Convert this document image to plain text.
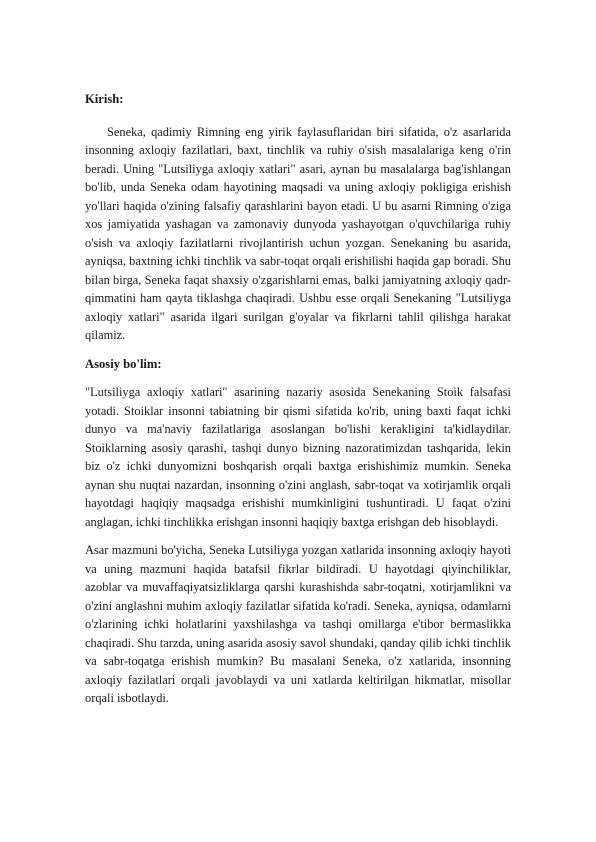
Kirish:

Seneka, qadimiy Rimning eng yirik faylasuflaridan biri sifatida, o'z asarlarida insonning axloqiy fazilatlari, baxt, tinchlik va ruhiy o'sish masalalariga keng o'rin beradi. Uning "Lutsiliyga axloqiy xatlari" asari, aynan bu masalalarga bag'ishlangan bo'lib, unda Seneka odam hayotining maqsadi va uning axloqiy pokligiga erishish yo'llari haqida o'zining falsafiy qarashlarini bayon etadi. U bu asarni Rimning o'ziga xos jamiyatida yashagan va zamonaviy dunyoda yashayotgan o'quvchilariga ruhiy o'sish va axloqiy fazilatlarni rivojlantirish uchun yozgan. Senekaning bu asarida, ayniqsa, baxtning ichki tinchlik va sabr-toqat orqali erishilishi haqida gap boradi. Shu bilan birga, Seneka faqat shaxsiy o'zgarishlarni emas, balki jamiyatning axloqiy qadr-qimmatini ham qayta tiklashga chaqiradi. Ushbu esse orqali Senekaning "Lutsiliyga axloqiy xatlari" asarida ilgari surilgan g'oyalar va fikrlarni tahlil qilishga harakat qilamiz.

Asosiy bo'lim:

"Lutsiliyga axloqiy xatlari" asarining nazariy asosida Senekaning Stoik falsafasi yotadi. Stoiklar insonni tabiatning bir qismi sifatida ko'rib, uning baxti faqat ichki dunyo va ma'naviy fazilatlariga asoslangan bo'lishi kerakligini ta'kidlaydilar. Stoiklarning asosiy qarashi, tashqi dunyo bizning nazoratimizdan tashqarida, lekin biz o'z ichki dunyomizni boshqarish orqali baxtga erishishimiz mumkin. Seneka aynan shu nuqtai nazardan, insonning o'zini anglash, sabr-toqat va xotirjamlik orqali hayotdagi haqiqiy maqsadga erishishi mumkinligini tushuntiradi. U faqat o'zini anglagan, ichki tinchlikka erishgan insonni haqiqiy baxtga erishgan deb hisoblaydi.

Asar mazmuni bo'yicha, Seneka Lutsiliyga yozgan xatlarida insonning axloqiy hayoti va uning mazmuni haqida batafsil fikrlar bildiradi. U hayotdagi qiyinchiliklar, azoblar va muvaffaqiyatsizliklarga qarshi kurashishda sabr-toqatni, xotirjamlikni va o'zini anglashni muhim axloqiy fazilatlar sifatida ko'radi. Seneka, ayniqsa, odamlarni o'zlarining ichki holatlarini yaxshilashga va tashqi omillarga e'tibor bermaslikka chaqiradi. Shu tarzda, uning asarida asosiy savol shundaki, qanday qilib ichki tinchlik va sabr-toqatga erishish mumkin? Bu masalani Seneka, o'z xatlarida, insonning axloqiy fazilatlari orqali javoblaydi va uni xatlarda keltirilgan hikmatlar, misollar orqali isbotlaydi.
